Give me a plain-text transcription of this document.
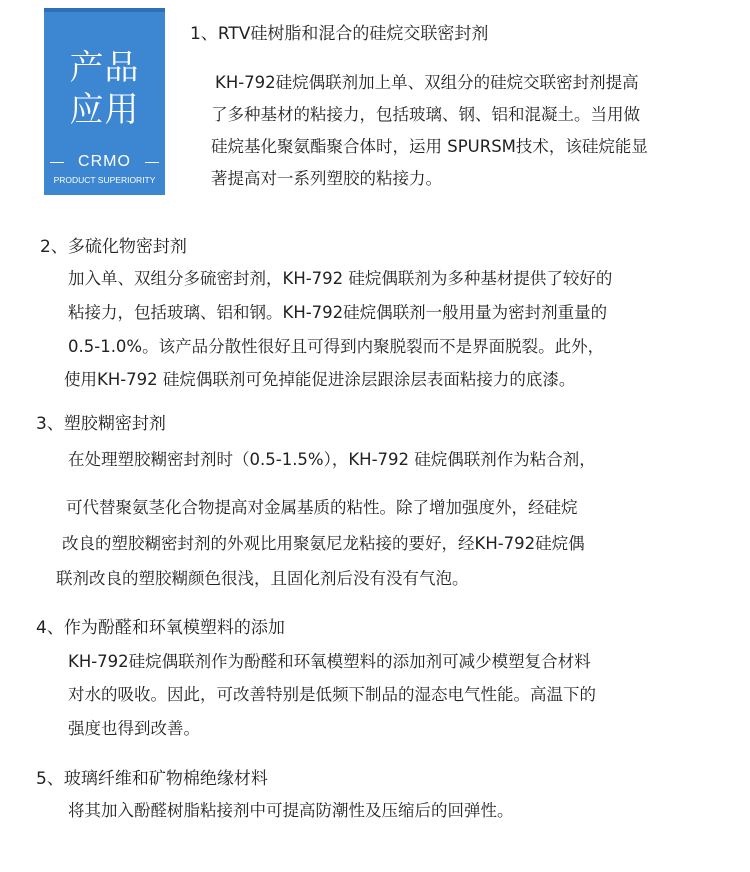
产品
应用
CRMO
PRODUCT SUPERIORITY
1、RTV硅树脂和混合的硅烷交联密封剂
KH-792硅烷偶联剂加上单、双组分的硅烷交联密封剂提高
了多种基材的粘接力，包括玻璃、钢、铝和混凝土。当用做
硅烷基化聚氨酯聚合体时，运用 SPURSM技术，该硅烷能显
著提高对一系列塑胶的粘接力。
2、多硫化物密封剂
加入单、双组分多硫密封剂，KH-792 硅烷偶联剂为多种基材提供了较好的
粘接力，包括玻璃、铝和钢。KH-792硅烷偶联剂一般用量为密封剂重量的
0.5-1.0%。该产品分散性很好且可得到内聚脱裂而不是界面脱裂。此外，
使用KH-792 硅烷偶联剂可免掉能促进涂层跟涂层表面粘接力的底漆。
3、塑胶糊密封剂
在处理塑胶糊密封剂时（0.5-1.5%），KH-792 硅烷偶联剂作为粘合剂，
可代替聚氨茎化合物提高对金属基质的粘性。除了增加强度外，经硅烷
改良的塑胶糊密封剂的外观比用聚氨尼龙粘接的要好，经KH-792硅烷偶
联剂改良的塑胶糊颜色很浅，且固化剂后没有没有气泡。
4、作为酚醛和环氧模塑料的添加
KH-792硅烷偶联剂作为酚醛和环氧模塑料的添加剂可减少模塑复合材料
对水的吸收。因此，可改善特别是低频下制品的湿态电气性能。高温下的
强度也得到改善。
5、玻璃纤维和矿物棉绝缘材料
将其加入酚醛树脂粘接剂中可提高防潮性及压缩后的回弹性。
